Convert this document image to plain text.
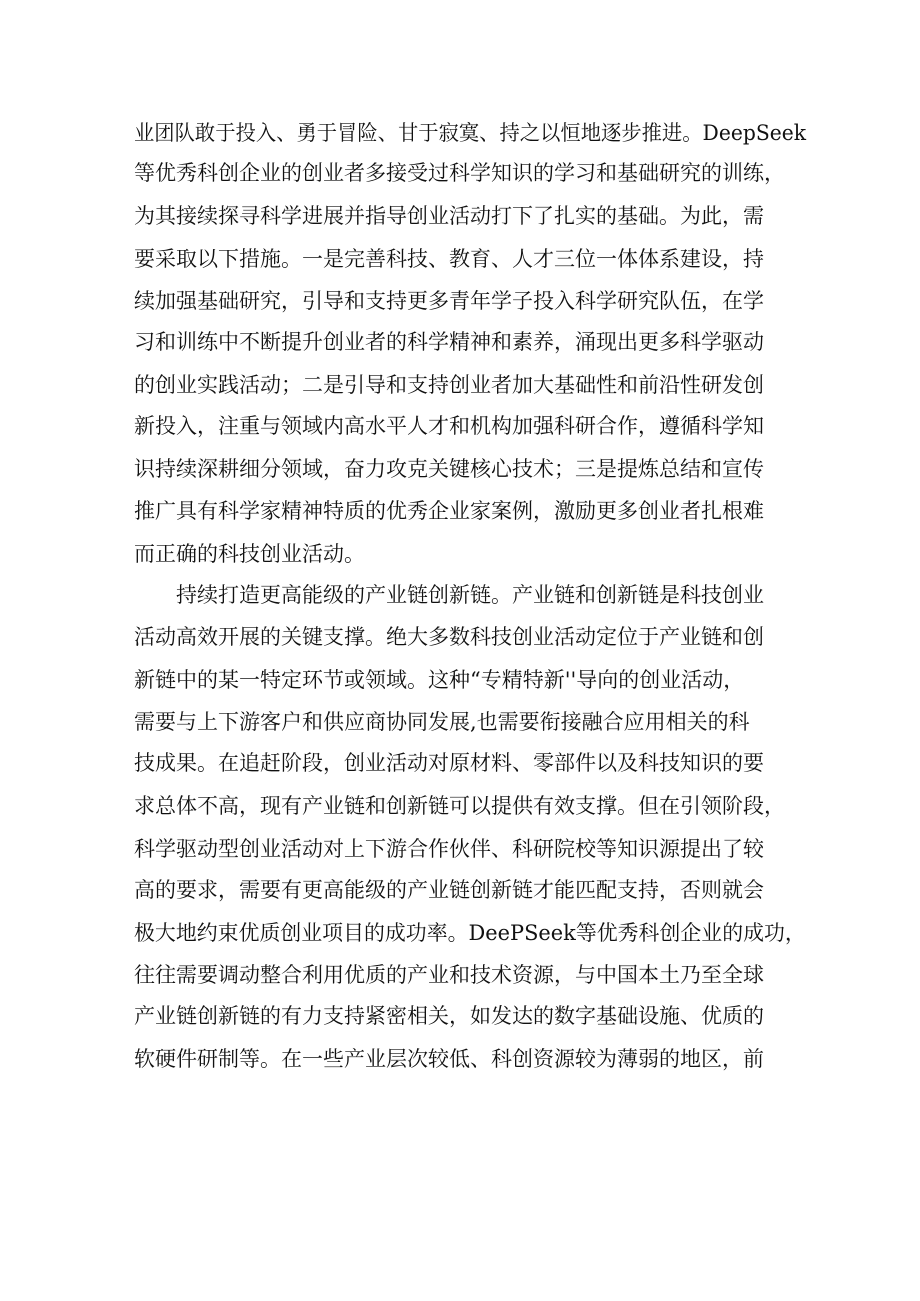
业团队敢于投入、勇于冒险、甘于寂寞、持之以恒地逐步推进。DeepSeek
等优秀科创企业的创业者多接受过科学知识的学习和基础研究的训练，
为其接续探寻科学进展并指导创业活动打下了扎实的基础。为此，需
要采取以下措施。一是完善科技、教育、人才三位一体体系建设，持
续加强基础研究，引导和支持更多青年学子投入科学研究队伍，在学
习和训练中不断提升创业者的科学精神和素养，涌现出更多科学驱动
的创业实践活动；二是引导和支持创业者加大基础性和前沿性研发创
新投入，注重与领域内高水平人才和机构加强科研合作，遵循科学知
识持续深耕细分领域，奋力攻克关键核心技术；三是提炼总结和宣传
推广具有科学家精神特质的优秀企业家案例，激励更多创业者扎根难
而正确的科技创业活动。
持续打造更高能级的产业链创新链。产业链和创新链是科技创业
活动高效开展的关键支撑。绝大多数科技创业活动定位于产业链和创
新链中的某一特定环节或领域。这种“专精特新''导向的创业活动，
需要与上下游客户和供应商协同发展,也需要衔接融合应用相关的科
技成果。在追赶阶段，创业活动对原材料、零部件以及科技知识的要
求总体不高，现有产业链和创新链可以提供有效支撑。但在引领阶段，
科学驱动型创业活动对上下游合作伙伴、科研院校等知识源提出了较
高的要求，需要有更高能级的产业链创新链才能匹配支持，否则就会
极大地约束优质创业项目的成功率。DeePSeek等优秀科创企业的成功，
往往需要调动整合利用优质的产业和技术资源，与中国本土乃至全球
产业链创新链的有力支持紧密相关，如发达的数字基础设施、优质的
软硬件研制等。在一些产业层次较低、科创资源较为薄弱的地区，前
